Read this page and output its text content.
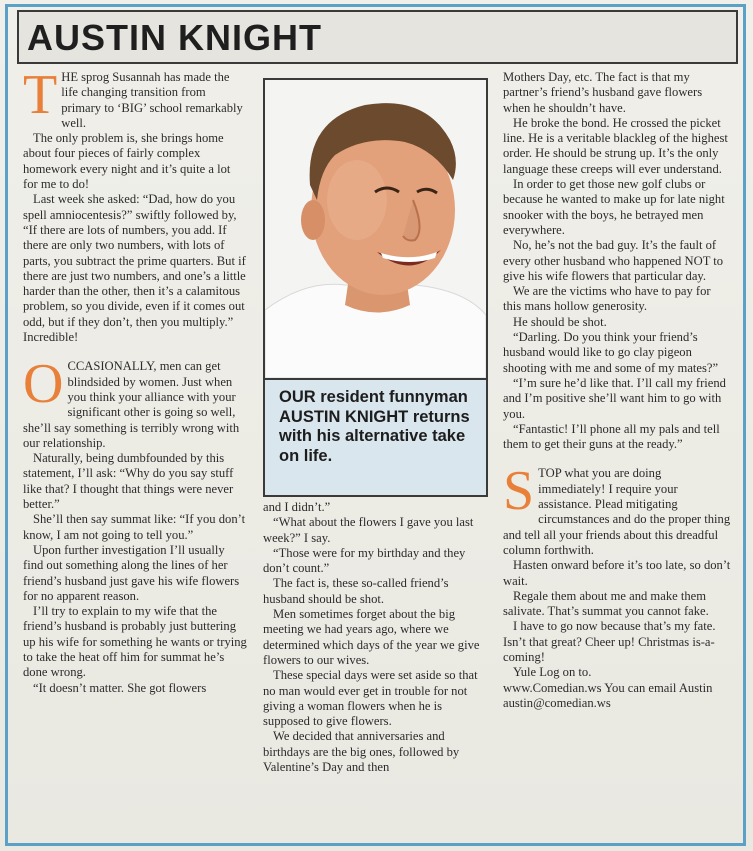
AUSTIN KNIGHT

THE sprog Susannah has made the life changing transition from primary to ‘BIG’ school remarkably well.

The only problem is, she brings home about four pieces of fairly complex homework every night and it’s quite a lot for me to do!

Last week she asked: “Dad, how do you spell amniocentesis?” swiftly followed by, “If there are lots of numbers, you add. If there are only two numbers, with lots of parts, you subtract the prime quarters. But if there are just two numbers, and one’s a little harder than the other, then it’s a calamitous problem, so you divide, even if it comes out odd, but if they don’t, then you multiply.” Incredible!

OCCASIONALLY, men can get blindsided by women. Just when you think your alliance with your significant other is going so well, she’ll say something is terribly wrong with our relationship.

Naturally, being dumbfounded by this statement, I’ll ask: “Why do you say stuff like that? I thought that things were never better.”

She’ll then say summat like: “If you don’t know, I am not going to tell you.”

Upon further investigation I’ll usually find out something along the lines of her friend’s husband just gave his wife flowers for no apparent reason.

I’ll try to explain to my wife that the friend’s husband is probably just buttering up his wife for something he wants or trying to take the heat off him for summat he’s done wrong.

“It doesn’t matter. She got flowers

OUR resident funnyman AUSTIN KNIGHT returns with his alternative take on life.

and I didn’t.”

“What about the flowers I gave you last week?” I say.

“Those were for my birthday and they don’t count.”

The fact is, these so-called friend’s husband should be shot.

Men sometimes forget about the big meeting we had years ago, where we determined which days of the year we give flowers to our wives.

These special days were set aside so that no man would ever get in trouble for not giving a woman flowers when he is supposed to give flowers.

We decided that anniversaries and birthdays are the big ones, followed by Valentine’s Day and then

Mothers Day, etc. The fact is that my partner’s friend’s husband gave flowers when he shouldn’t have.

He broke the bond. He crossed the picket line. He is a veritable blackleg of the highest order. He should be strung up. It’s the only language these creeps will ever understand.

In order to get those new golf clubs or because he wanted to make up for late night snooker with the boys, he betrayed men everywhere.

No, he’s not the bad guy. It’s the fault of every other husband who happened NOT to give his wife flowers that particular day.

We are the victims who have to pay for this mans hollow generosity.

He should be shot.

“Darling. Do you think your friend’s husband would like to go clay pigeon shooting with me and some of my mates?”

“I’m sure he’d like that. I’ll call my friend and I’m positive she’ll want him to go with you.

“Fantastic! I’ll phone all my pals and tell them to get their guns at the ready.”

STOP what you are doing immediately! I require your assistance. Plead mitigating circumstances and do the proper thing and tell all your friends about this dreadful column forthwith.

Hasten onward before it’s too late, so don’t wait.

Regale them about me and make them salivate. That’s summat you cannot fake.

I have to go now because that’s my fate. Isn’t that great? Cheer up! Christmas is-a-coming!

Yule Log on to.

www.Comedian.ws You can email Austin austin@comedian.ws
